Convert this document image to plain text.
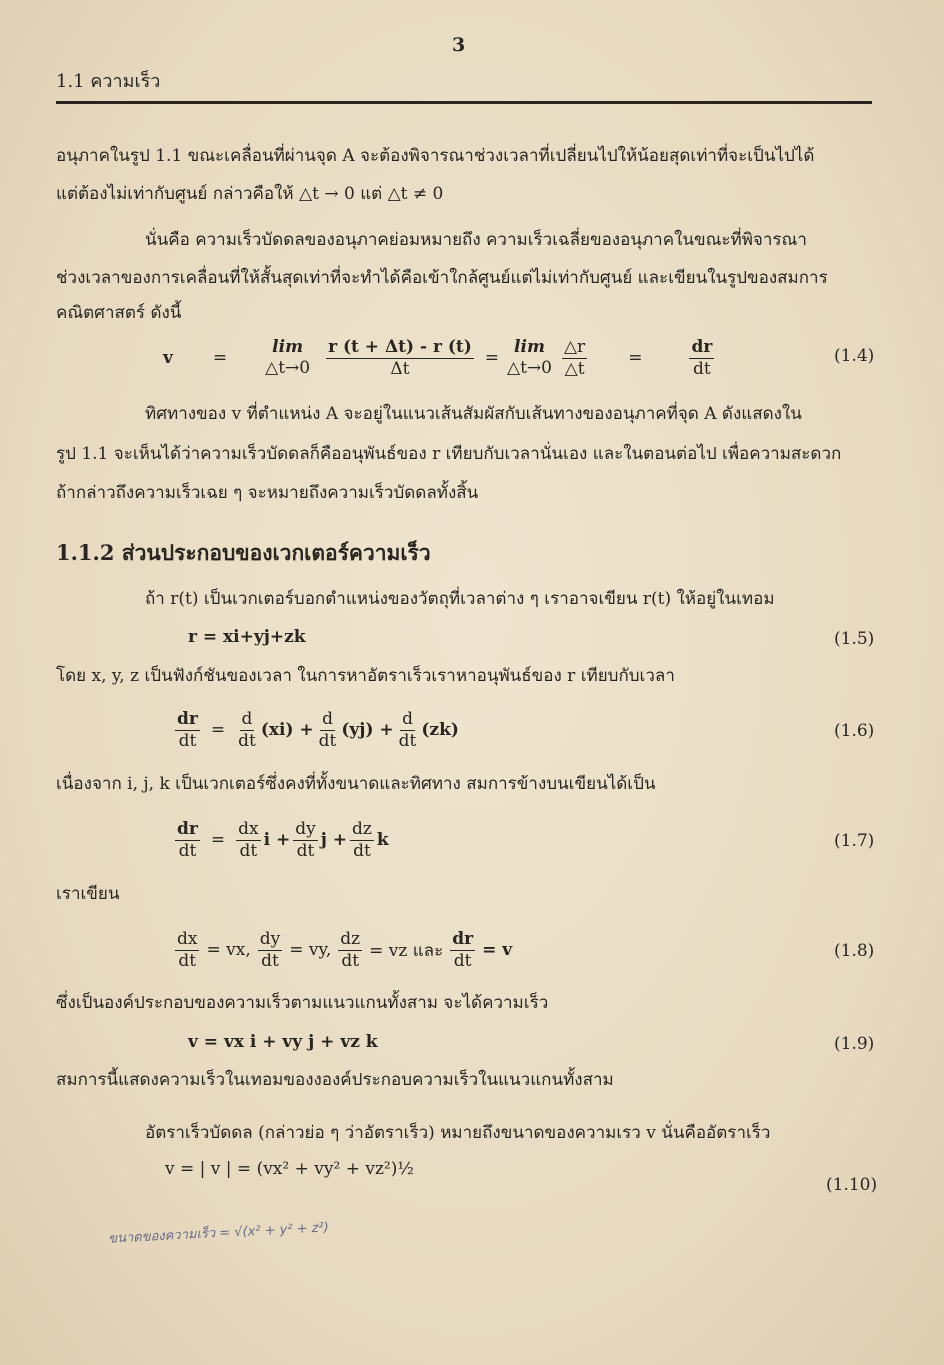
3
1.1 ความเร็ว
อนุภาคในรูป 1.1 ขณะเคลื่อนที่ผ่านจุด A จะต้องพิจารณาช่วงเวลาที่เปลี่ยนไปให้น้อยสุดเท่าที่จะเป็นไปได้
แต่ต้องไม่เท่ากับศูนย์ กล่าวคือให้ △t → 0 แต่ △t ≠ 0
นั่นคือ ความเร็วบัดดลของอนุภาคย่อมหมายถึง ความเร็วเฉลี่ยของอนุภาคในขณะที่พิจารณา
ช่วงเวลาของการเคลื่อนที่ให้สั้นสุดเท่าที่จะทำได้คือเข้าใกล้ศูนย์แต่ไม่เท่ากับศูนย์ และเขียนในรูปของสมการ
คณิตศาสตร์ ดังนี้
v =
lim
△t→0 $\frac{r (t + \Delta t) - r (t)}{\Delta t}$ =
lim
△t→0 $\frac{\triangle r}{\triangle t}$ =	$\frac{dr}{dt}$	(1.4)
ทิศทางของ v ที่ตำแหน่ง A จะอยู่ในแนวเส้นสัมผัสกับเส้นทางของอนุภาคที่จุด A ดังแสดงใน
รูป 1.1 จะเห็นได้ว่าความเร็วบัดดลก็คืออนุพันธ์ของ r เทียบกับเวลานั่นเอง และในตอนต่อไป เพื่อความสะดวก
ถ้ากล่าวถึงความเร็วเฉย ๆ จะหมายถึงความเร็วบัดดลทั้งสิ้น
1.1.2 ส่วนประกอบของเวกเตอร์ความเร็ว
ถ้า r(t) เป็นเวกเตอร์บอกตำแหน่งของวัตถุที่เวลาต่าง ๆ เราอาจเขียน r(t) ให้อยู่ในเทอม
r = xi+yj+zk	(1.5)
โดย x, y, z เป็นฟังก์ชันของเวลา ในการหาอัตราเร็วเราหาอนุพันธ์ของ r เทียบกับเวลา
$\frac{dr}{dt} = \frac{d}{dt} (xi) + \frac{d}{dt} (yj) + \frac{d}{dt} (zk)$	(1.6)
เนื่องจาก i, j, k เป็นเวกเตอร์ซึ่งคงที่ทั้งขนาดและทิศทาง สมการข้างบนเขียนได้เป็น
$\frac{dr}{dt} = \frac{dx}{dt}$ $i + \frac{dy}{dt}$ $j + \frac{dz}{dt}$ k	(1.7)
เราเขียน
$\frac{dx}{dt}$ = vx, $\frac{dy}{dt}$ = vy, $\frac{dz}{dt}$ = vz และ $\frac{dr}{dt} = v$	(1.8)
ซึ่งเป็นองค์ประกอบของความเร็วตามแนวแกนทั้งสาม จะได้ความเร็ว
v = vx i + vy j + vz k	(1.9)
สมการนี้แสดงความเร็วในเทอมของงองค์ประกอบความเร็วในแนวแกนทั้งสาม
อัตราเร็วบัดดล (กล่าวย่อ ๆ ว่าอัตราเร็ว) หมายถึงขนาดของความเรว v นั่นคืออัตราเร็ว
v = | v | = (vx² + vy² + vz²)½
(1.10)
ขนาดของความเร็ว = √(x² + y² + z²)
